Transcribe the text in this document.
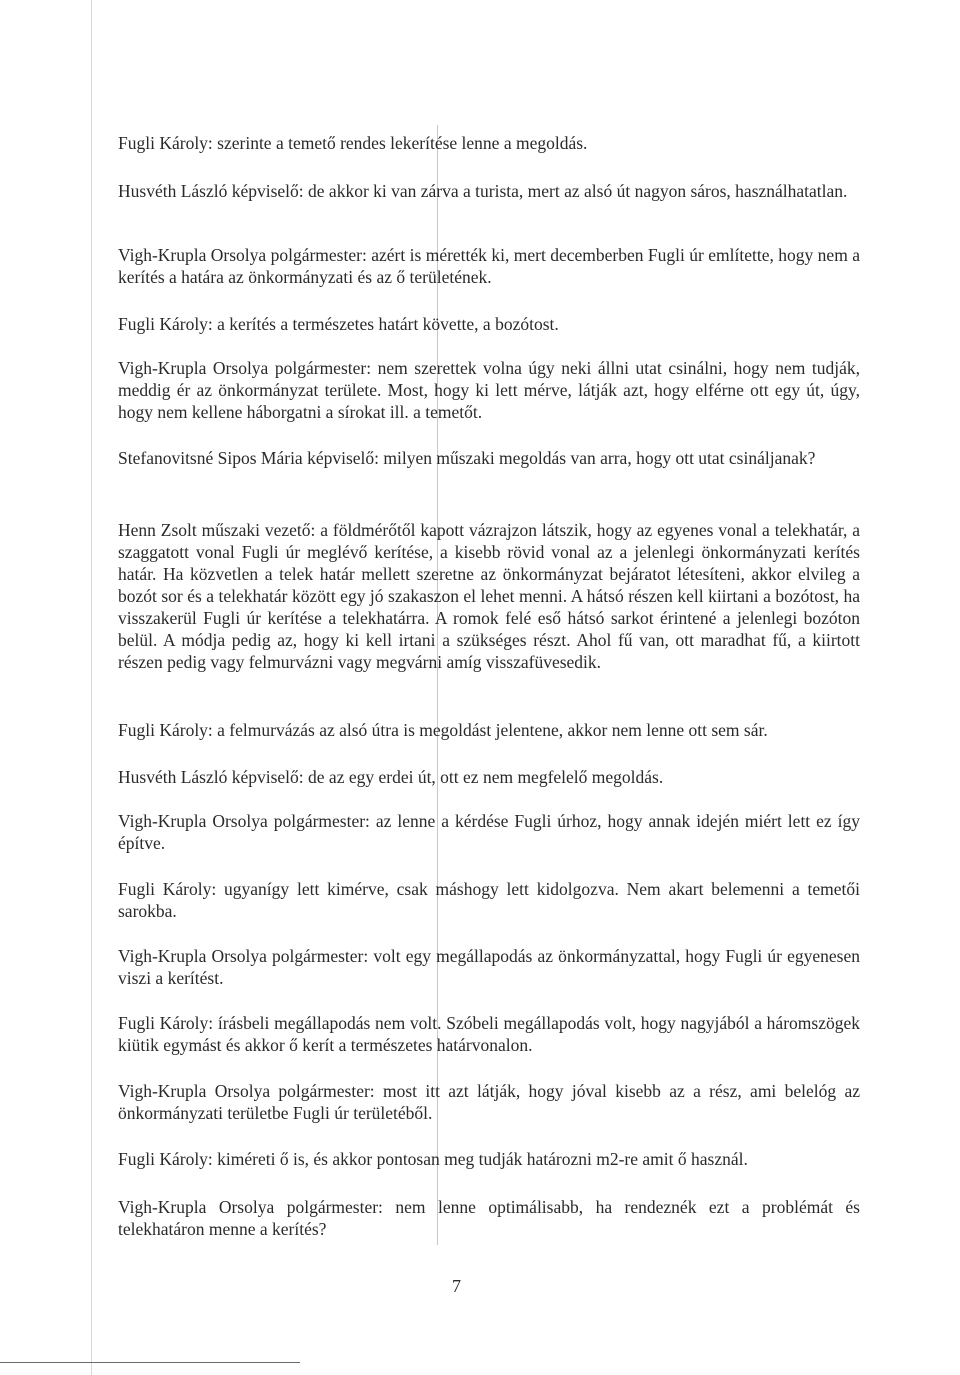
Fugli Károly: szerinte a temető rendes lekerítése lenne a megoldás.

Husvéth László képviselő: de akkor ki van zárva a turista, mert az alsó út nagyon sáros, használhatatlan.

Vigh-Krupla Orsolya polgármester: azért is mérették ki, mert decemberben Fugli úr említette, hogy nem a kerítés a határa az önkormányzati és az ő területének.

Fugli Károly: a kerítés a természetes határt követte, a bozótost.

Vigh-Krupla Orsolya polgármester: nem szerettek volna úgy neki állni utat csinálni, hogy nem tudják, meddig ér az önkormányzat területe. Most, hogy ki lett mérve, látják azt, hogy elférne ott egy út, úgy, hogy nem kellene háborgatni a sírokat ill. a temetőt.

Stefanovitsné Sipos Mária képviselő: milyen műszaki megoldás van arra, hogy ott utat csináljanak?

Henn Zsolt műszaki vezető: a földmérőtől kapott vázrajzon látszik, hogy az egyenes vonal a telekhatár, a szaggatott vonal Fugli úr meglévő kerítése, a kisebb rövid vonal az a jelenlegi önkormányzati kerítés határ. Ha közvetlen a telek határ mellett szeretne az önkormányzat bejáratot létesíteni, akkor elvileg a bozót sor és a telekhatár között egy jó szakaszon el lehet menni. A hátsó részen kell kiirtani a bozótost, ha visszakerül Fugli úr kerítése a telekhatárra. A romok felé eső hátsó sarkot érintené a jelenlegi bozóton belül. A módja pedig az, hogy ki kell irtani a szükséges részt. Ahol fű van, ott maradhat fű, a kiirtott részen pedig vagy felmurvázni vagy megvárni amíg visszafüvesedik.

Fugli Károly: a felmurvázás az alsó útra is megoldást jelentene, akkor nem lenne ott sem sár.

Husvéth László képviselő: de az egy erdei út, ott ez nem megfelelő megoldás.

Vigh-Krupla Orsolya polgármester: az lenne a kérdése Fugli úrhoz, hogy annak idején miért lett ez így építve.

Fugli Károly: ugyanígy lett kimérve, csak máshogy lett kidolgozva. Nem akart belemenni a temetői sarokba.

Vigh-Krupla Orsolya polgármester: volt egy megállapodás az önkormányzattal, hogy Fugli úr egyenesen viszi a kerítést.

Fugli Károly: írásbeli megállapodás nem volt. Szóbeli megállapodás volt, hogy nagyjából a háromszögek kiütik egymást és akkor ő kerít a természetes határvonalon.

Vigh-Krupla Orsolya polgármester: most itt azt látják, hogy jóval kisebb az a rész, ami belelóg az önkormányzati területbe Fugli úr területéből.

Fugli Károly: kiméreti ő is, és akkor pontosan meg tudják határozni m2-re amit ő használ.

Vigh-Krupla Orsolya polgármester: nem lenne optimálisabb, ha rendeznék ezt a problémát és telekhatáron menne a kerítés?

7
